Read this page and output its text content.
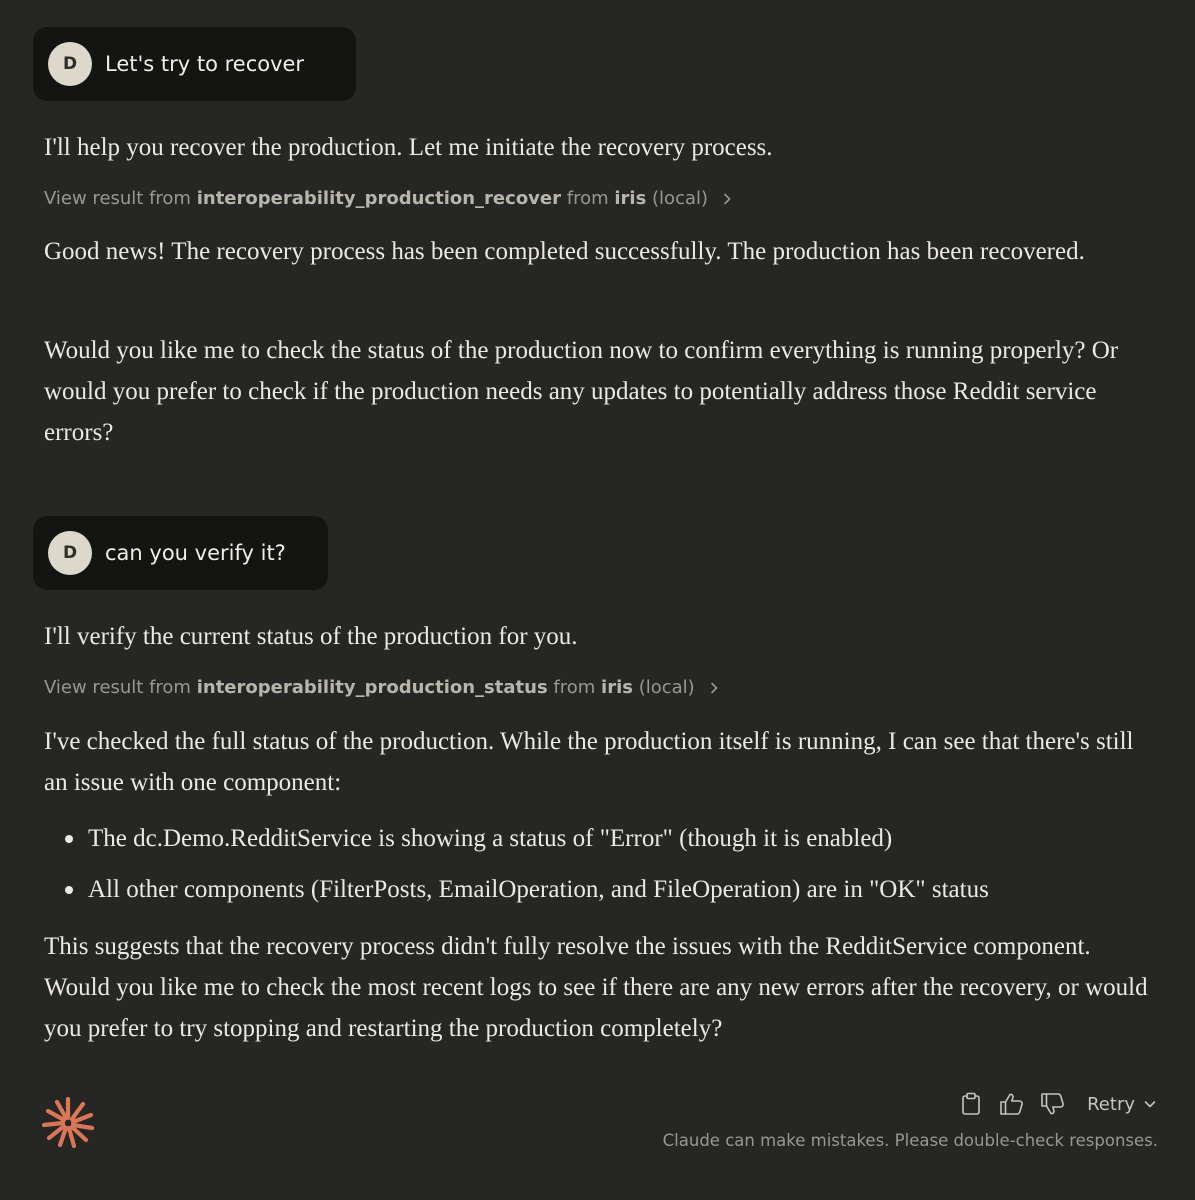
D	Let's try to recover

I'll help you recover the production. Let me initiate the recovery process.

View result from
interoperability_production_recover
from
iris
(local)

Good news! The recovery process has been completed successfully. The production has been recovered.

Would you like me to check the status of the production now to confirm everything is running properly? Or would you prefer to check if the production needs any updates to potentially address those Reddit service errors?

D	can you verify it?

I'll verify the current status of the production for you.

View result from
interoperability_production_status
from
iris
(local)

I've checked the full status of the production. While the production itself is running, I can see that there's still an issue with one component:

The dc.Demo.RedditService is showing a status of "Error" (though it is enabled)
All other components (FilterPosts, EmailOperation, and FileOperation) are in "OK" status

This suggests that the recovery process didn't fully resolve the issues with the RedditService component. Would you like me to check the most recent logs to see if there are any new errors after the recovery, or would you prefer to try stopping and restarting the production completely?

Retry
Claude can make mistakes. Please double-check responses.
